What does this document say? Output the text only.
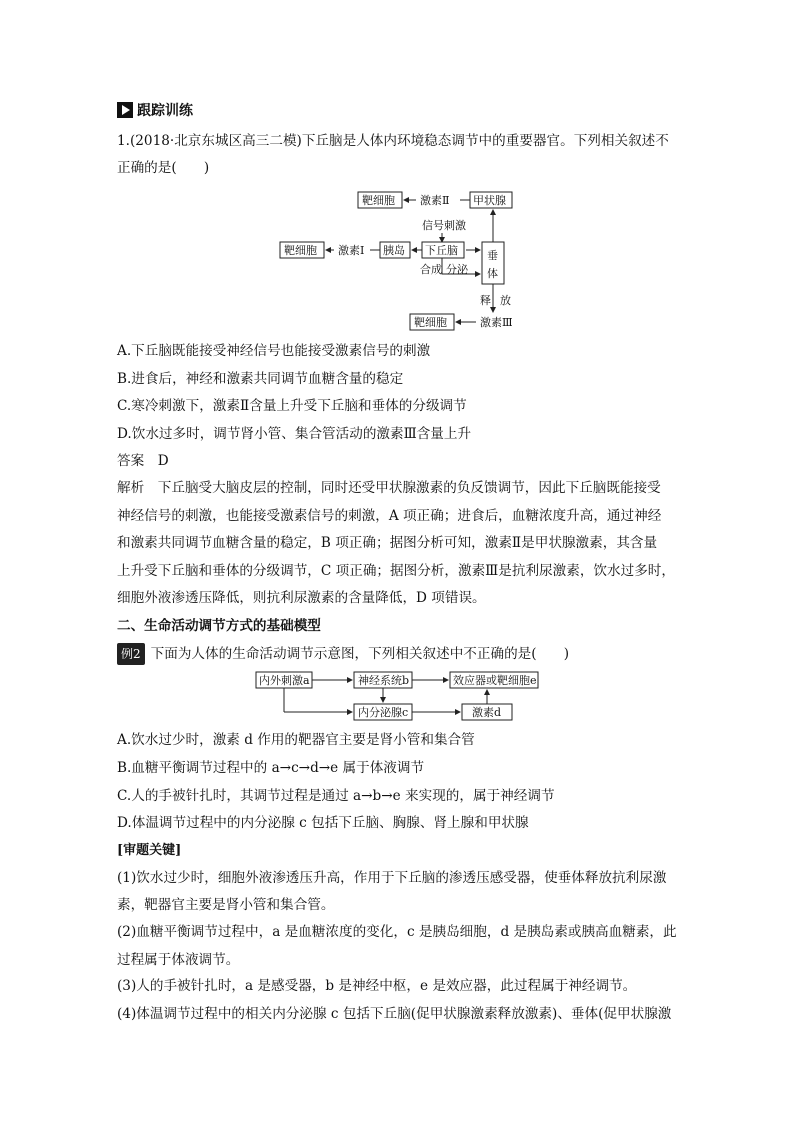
跟踪训练
1.(2018·北京东城区高三二模)下丘脑是人体内环境稳态调节中的重要器官。下列相关叙述不
正确的是(　　)
靶细胞 激素Ⅱ 甲状腺
信号刺激
靶细胞 激素Ⅰ 胰岛 下丘脑	垂
体
合成 分泌
释 放
靶细胞	激素Ⅲ
A.下丘脑既能接受神经信号也能接受激素信号的刺激
B.进食后，神经和激素共同调节血糖含量的稳定
C.寒冷刺激下，激素Ⅱ含量上升受下丘脑和垂体的分级调节
D.饮水过多时，调节肾小管、集合管活动的激素Ⅲ含量上升
答案　D
解析　下丘脑受大脑皮层的控制，同时还受甲状腺激素的负反馈调节，因此下丘脑既能接受
神经信号的刺激，也能接受激素信号的刺激，A 项正确；进食后，血糖浓度升高，通过神经
和激素共同调节血糖含量的稳定，B 项正确；据图分析可知，激素Ⅱ是甲状腺激素，其含量
上升受下丘脑和垂体的分级调节，C 项正确；据图分析，激素Ⅲ是抗利尿激素，饮水过多时，
细胞外液渗透压降低，则抗利尿激素的含量降低，D 项错误。
二、生命活动调节方式的基础模型
例2 下面为人体的生命活动调节示意图，下列相关叙述中不正确的是(　　)
内外刺激a	神经系统b	效应器或靶细胞e
内分泌腺c	激素d
A.饮水过少时，激素 d 作用的靶器官主要是肾小管和集合管
B.血糖平衡调节过程中的 a→c→d→e 属于体液调节
C.人的手被针扎时，其调节过程是通过 a→b→e 来实现的，属于神经调节
D.体温调节过程中的内分泌腺 c 包括下丘脑、胸腺、肾上腺和甲状腺
[审题关键]
(1)饮水过少时，细胞外液渗透压升高，作用于下丘脑的渗透压感受器，使垂体释放抗利尿激
素，靶器官主要是肾小管和集合管。
(2)血糖平衡调节过程中，a 是血糖浓度的变化，c 是胰岛细胞，d 是胰岛素或胰高血糖素，此
过程属于体液调节。
(3)人的手被针扎时，a 是感受器，b 是神经中枢，e 是效应器，此过程属于神经调节。
(4)体温调节过程中的相关内分泌腺 c 包括下丘脑(促甲状腺激素释放激素)、垂体(促甲状腺激
